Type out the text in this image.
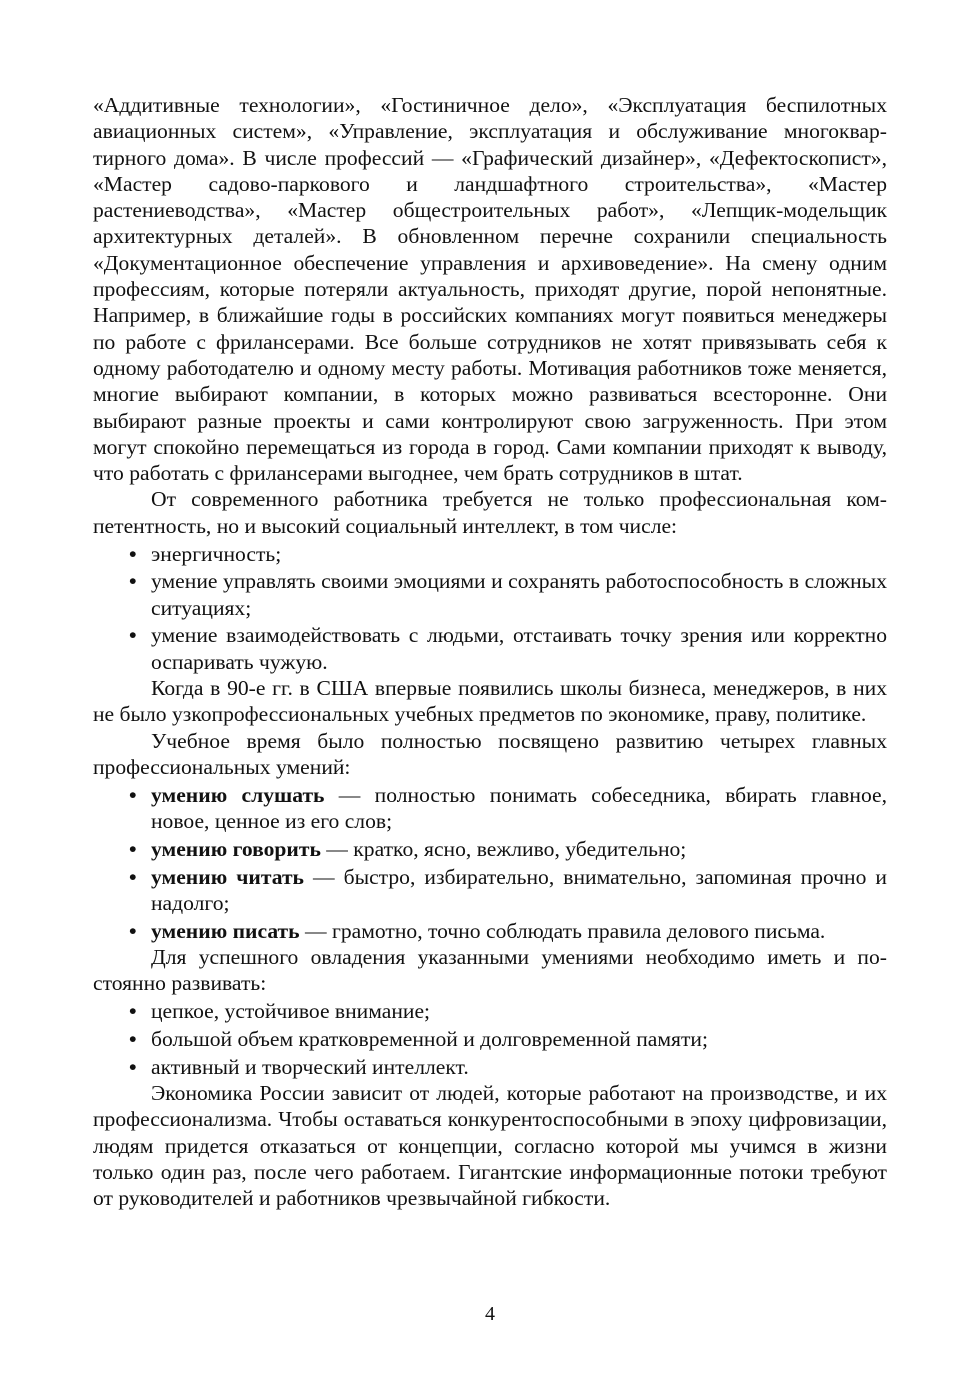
«Аддитивные технологии», «Гостиничное дело», «Эксплуатация беспилотных авиационных систем», «Управление, эксплуатация и обслуживание многоквартирного дома». В числе профессий — «Графический дизайнер», «Дефектоскопист», «Мастер садово-паркового и ландшафтного строительства», «Мастер растениеводства», «Мастер общестроительных работ», «Лепщик-модельщик архитектурных деталей». В обновленном перечне сохранили специальность «Документационное обеспечение управления и архивоведение». На смену одним профессиям, которые потеряли актуальность, приходят другие, порой непонятные. Например, в ближайшие годы в российских компаниях могут появиться менеджеры по работе с фрилансерами. Все больше сотрудников не хотят привязывать себя к одному работодателю и одному месту работы. Мотивация работников тоже меняется, многие выбирают компании, в которых можно развиваться всесторонне. Они выбирают разные проекты и сами контролируют свою загруженность. При этом могут спокойно перемещаться из города в город. Сами компании приходят к выводу, что работать с фрилансерами выгоднее, чем брать сотрудников в штат.

От современного работника требуется не только профессиональная компетентность, но и высокий социальный интеллект, в том числе:

• энергичность;
• умение управлять своими эмоциями и сохранять работоспособность в сложных ситуациях;
• умение взаимодействовать с людьми, отстаивать точку зрения или корректно оспаривать чужую.

Когда в 90-е гг. в США впервые появились школы бизнеса, менеджеров, в них не было узкопрофессиональных учебных предметов по экономике, праву, политике.

Учебное время было полностью посвящено развитию четырех главных профессиональных умений:

• умению слушать — полностью понимать собеседника, вбирать главное, новое, ценное из его слов;
• умению говорить — кратко, ясно, вежливо, убедительно;
• умению читать — быстро, избирательно, внимательно, запоминая прочно и надолго;
• умению писать — грамотно, точно соблюдать правила делового письма.

Для успешного овладения указанными умениями необходимо иметь и постоянно развивать:

• цепкое, устойчивое внимание;
• большой объем кратковременной и долговременной памяти;
• активный и творческий интеллект.

Экономика России зависит от людей, которые работают на производстве, и их профессионализма. Чтобы оставаться конкурентоспособными в эпоху цифровизации, людям придется отказаться от концепции, согласно которой мы учимся в жизни только один раз, после чего работаем. Гигантские информационные потоки требуют от руководителей и работников чрезвычайной гибкости.

4
